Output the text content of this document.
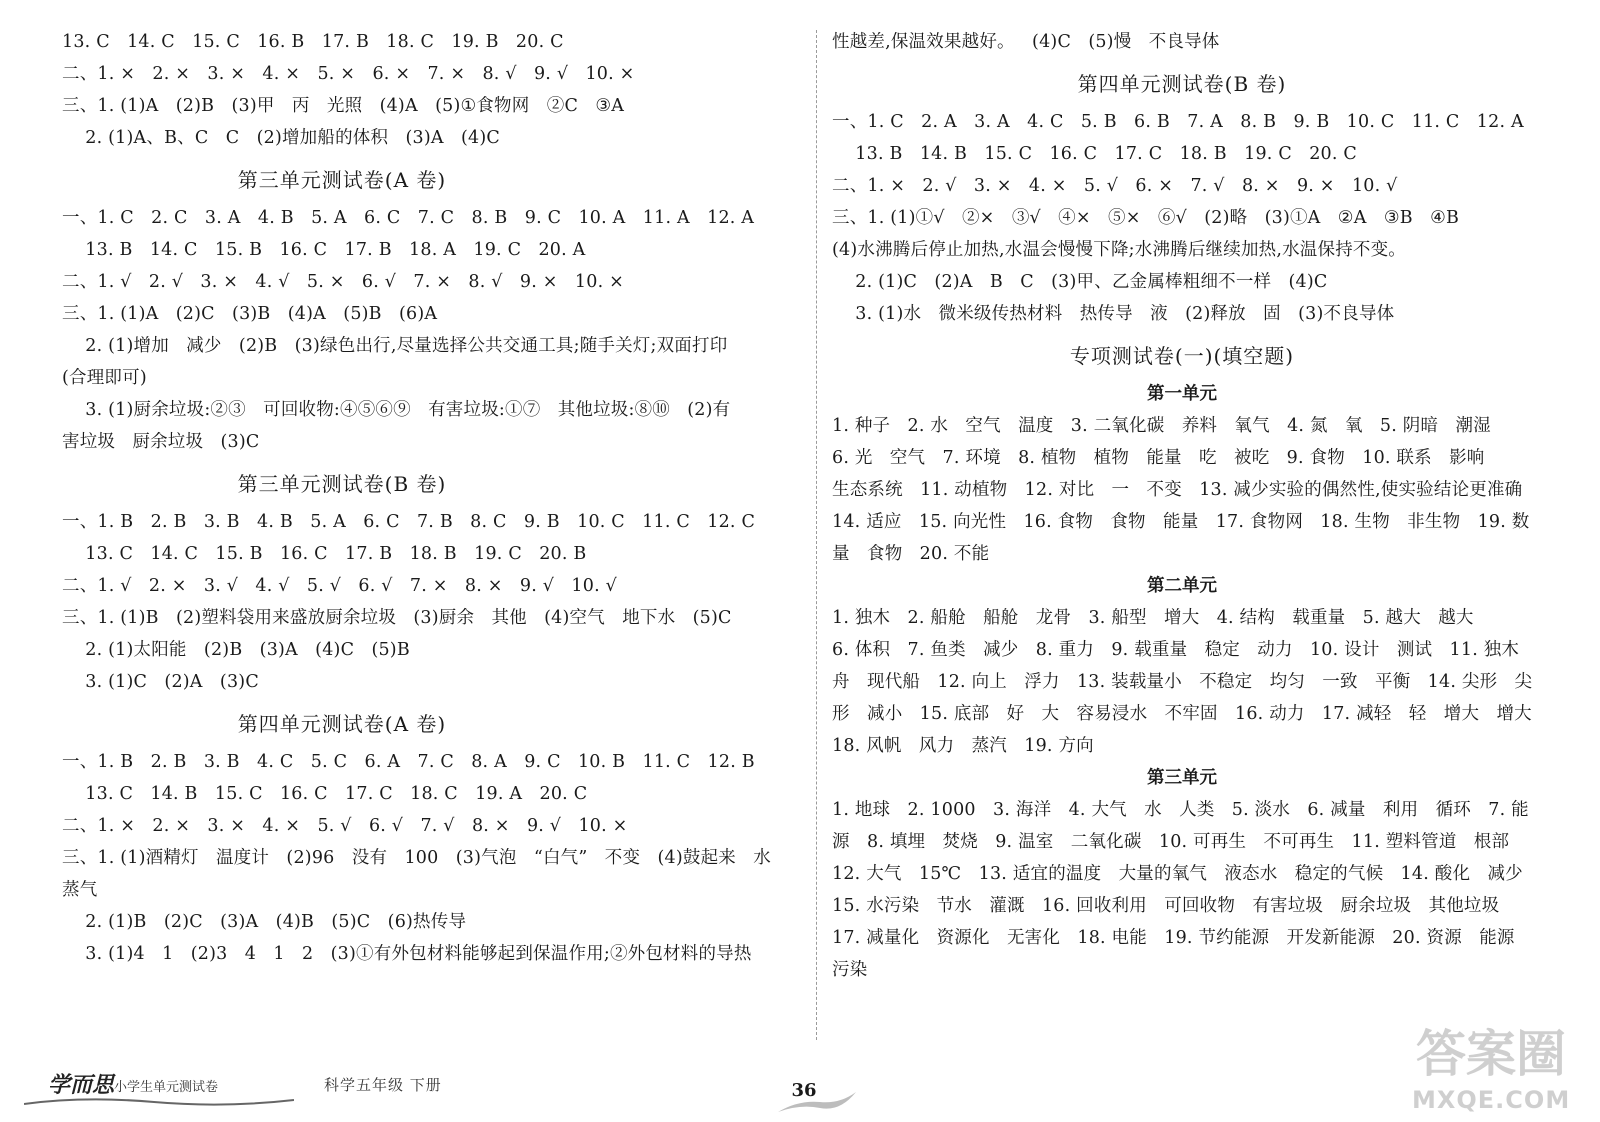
13. C   14. C   15. C   16. B   17. B   18. C   19. B   20. C
二、1. ×   2. ×   3. ×   4. ×   5. ×   6. ×   7. ×   8. √   9. √   10. ×
三、1. (1)A   (2)B   (3)甲   丙   光照   (4)A   (5)①食物网   ②C   ③A
2. (1)A、B、C   C   (2)增加船的体积   (3)A   (4)C
第三单元测试卷(A 卷)
一、1. C   2. C   3. A   4. B   5. A   6. C   7. C   8. B   9. C   10. A   11. A   12. A
13. B   14. C   15. B   16. C   17. B   18. A   19. C   20. A
二、1. √   2. √   3. ×   4. √   5. ×   6. √   7. ×   8. √   9. ×   10. ×
三、1. (1)A   (2)C   (3)B   (4)A   (5)B   (6)A
2. (1)增加   减少   (2)B   (3)绿色出行,尽量选择公共交通工具;随手关灯;双面打印
(合理即可)
3. (1)厨余垃圾:②③   可回收物:④⑤⑥⑨   有害垃圾:①⑦   其他垃圾:⑧⑩   (2)有
害垃圾   厨余垃圾   (3)C
第三单元测试卷(B 卷)
一、1. B   2. B   3. B   4. B   5. A   6. C   7. B   8. C   9. B   10. C   11. C   12. C
13. C   14. C   15. B   16. C   17. B   18. B   19. C   20. B
二、1. √   2. ×   3. √   4. √   5. √   6. √   7. ×   8. ×   9. √   10. √
三、1. (1)B   (2)塑料袋用来盛放厨余垃圾   (3)厨余   其他   (4)空气   地下水   (5)C
2. (1)太阳能   (2)B   (3)A   (4)C   (5)B
3. (1)C   (2)A   (3)C
第四单元测试卷(A 卷)
一、1. B   2. B   3. B   4. C   5. C   6. A   7. C   8. A   9. C   10. B   11. C   12. B
13. C   14. B   15. C   16. C   17. C   18. C   19. A   20. C
二、1. ×   2. ×   3. ×   4. ×   5. √   6. √   7. √   8. ×   9. √   10. ×
三、1. (1)酒精灯   温度计   (2)96   没有   100   (3)气泡   “白气”   不变   (4)鼓起来   水
蒸气
2. (1)B   (2)C   (3)A   (4)B   (5)C   (6)热传导
3. (1)4   1   (2)3   4   1   2   (3)①有外包材料能够起到保温作用;②外包材料的导热
性越差,保温效果越好。   (4)C   (5)慢   不良导体
第四单元测试卷(B 卷)
一、1. C   2. A   3. A   4. C   5. B   6. B   7. A   8. B   9. B   10. C   11. C   12. A
13. B   14. B   15. C   16. C   17. C   18. B   19. C   20. C
二、1. ×   2. √   3. ×   4. ×   5. √   6. ×   7. √   8. ×   9. ×   10. √
三、1. (1)①√   ②×   ③√   ④×   ⑤×   ⑥√   (2)略   (3)①A   ②A   ③B   ④B
(4)水沸腾后停止加热,水温会慢慢下降;水沸腾后继续加热,水温保持不变。
2. (1)C   (2)A   B   C   (3)甲、乙金属棒粗细不一样   (4)C
3. (1)水   微米级传热材料   热传导   液   (2)释放   固   (3)不良导体
专项测试卷(一)(填空题)
第一单元
1. 种子   2. 水   空气   温度   3. 二氧化碳   养料   氧气   4. 氮   氧   5. 阴暗   潮湿
6. 光   空气   7. 环境   8. 植物   植物   能量   吃   被吃   9. 食物   10. 联系   影响
生态系统   11. 动植物   12. 对比   一   不变   13. 减少实验的偶然性,使实验结论更准确
14. 适应   15. 向光性   16. 食物   食物   能量   17. 食物网   18. 生物   非生物   19. 数
量   食物   20. 不能
第二单元
1. 独木   2. 船舱   船舱   龙骨   3. 船型   增大   4. 结构   载重量   5. 越大   越大
6. 体积   7. 鱼类   减少   8. 重力   9. 载重量   稳定   动力   10. 设计   测试   11. 独木
舟   现代船   12. 向上   浮力   13. 装载量小   不稳定   均匀   一致   平衡   14. 尖形   尖
形   减小   15. 底部   好   大   容易浸水   不牢固   16. 动力   17. 减轻   轻   增大   增大
18. 风帆   风力   蒸汽   19. 方向
第三单元
1. 地球   2. 1000   3. 海洋   4. 大气   水   人类   5. 淡水   6. 减量   利用   循环   7. 能
源   8. 填埋   焚烧   9. 温室   二氧化碳   10. 可再生   不可再生   11. 塑料管道   根部
12. 大气   15℃   13. 适宜的温度   大量的氧气   液态水   稳定的气候   14. 酸化   减少
15. 水污染   节水   灌溉   16. 回收利用   可回收物   有害垃圾   厨余垃圾   其他垃圾
17. 减量化   资源化   无害化   18. 电能   19. 节约能源   开发新能源   20. 资源   能源
污染
学而思 小学生单元测试卷	科学五年级 下册	36
答案圈
MXQE.COM
